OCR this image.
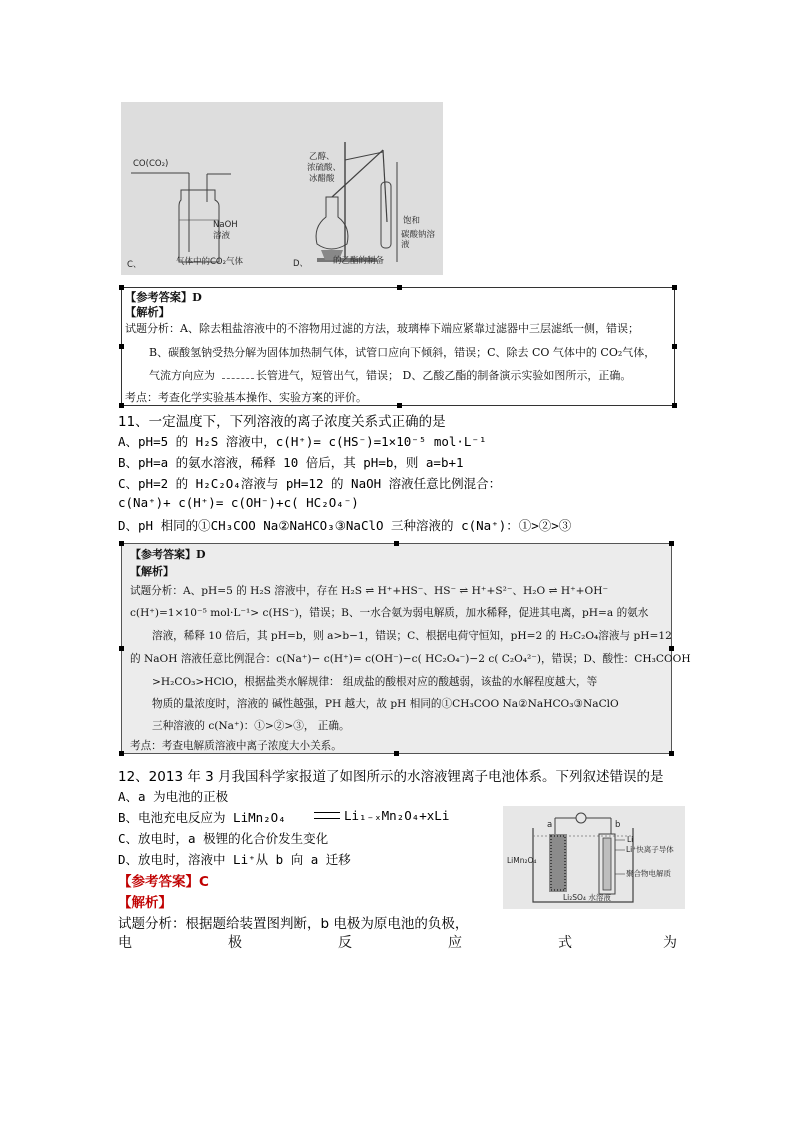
CO(CO₂)
NaOH
溶液
乙醇、
浓硫酸、
冰醋酸
饱和
碳酸钠溶液
C、	气体中的CO₂气体	D、	的乙酯的制备
【参考答案】D
【解析】
试题分析：A、除去粗盐溶液中的不溶物用过滤的方法，玻璃棒下端应紧靠过滤器中三层滤纸一侧，错误；
B、碳酸氢钠受热分解为固体加热制气体，试管口应向下倾斜，错误；C、除去 CO 气体中的 CO₂气体，
气流方向应为	长管进气，短管出气，错误； D、乙酸乙酯的制备演示实验如图所示，正确。
考点：考查化学实验基本操作、实验方案的评价。
11、一定温度下，下列溶液的离子浓度关系式正确的是
A、pH=5 的 H₂S 溶液中，c(H⁺)= c(HS⁻)=1×10⁻⁵ mol·L⁻¹
B、pH=a 的氨水溶液，稀释 10 倍后，其 pH=b，则 a=b+1
C、pH=2 的 H₂C₂O₄溶液与 pH=12 的 NaOH 溶液任意比例混合：
c(Na⁺)+ c(H⁺)= c(OH⁻)+c( HC₂O₄⁻)
D、pH 相同的①CH₃COO Na②NaHCO₃③NaClO 三种溶液的 c(Na⁺)：①>②>③
【参考答案】D
【解析】
试题分析：A、pH=5 的 H₂S 溶液中，存在 H₂S ⇌ H⁺+HS⁻、HS⁻ ⇌ H⁺+S²⁻、H₂O ⇌ H⁺+OH⁻
c(H⁺)=1×10⁻⁵ mol·L⁻¹> c(HS⁻)，错误；B、一水合氨为弱电解质，加水稀释，促进其电离，pH=a 的氨水
溶液，稀释 10 倍后，其 pH=b，则 a>b−1，错误；C、根据电荷守恒知，pH=2 的 H₂C₂O₄溶液与 pH=12
的 NaOH 溶液任意比例混合：c(Na⁺)− c(H⁺)= c(OH⁻)−c( HC₂O₄⁻)−2 c( C₂O₄²⁻)，错误；D、酸性：CH₃COOH
>H₂CO₃>HClO，根据盐类水解规律： 组成盐的酸根对应的酸越弱，该盐的水解程度越大，等
物质的量浓度时，溶液的 碱性越强，PH 越大，故 pH 相同的①CH₃COO Na②NaHCO₃③NaClO
三种溶液的 c(Na⁺)：①>②>③， 正确。
考点：考查电解质溶液中离子浓度大小关系。
12、2013 年 3 月我国科学家报道了如图所示的水溶液锂离子电池体系。下列叙述错误的是
A、a 为电池的正极
B、电池充电反应为 LiMn₂O₄	Li₁₋ₓMn₂O₄+xLi
C、放电时，a 极锂的化合价发生变化
D、放电时，溶液中 Li⁺从 b 向 a 迁移
【参考答案】C
【解析】
试题分析：根据题给装置图判断，b 电极为原电池的负极，
电	极	反	应	式	为
a	b
LiMn₂O₄
Li
Li⁺快离子导体
聚合物电解质
Li₂SO₄ 水溶液
